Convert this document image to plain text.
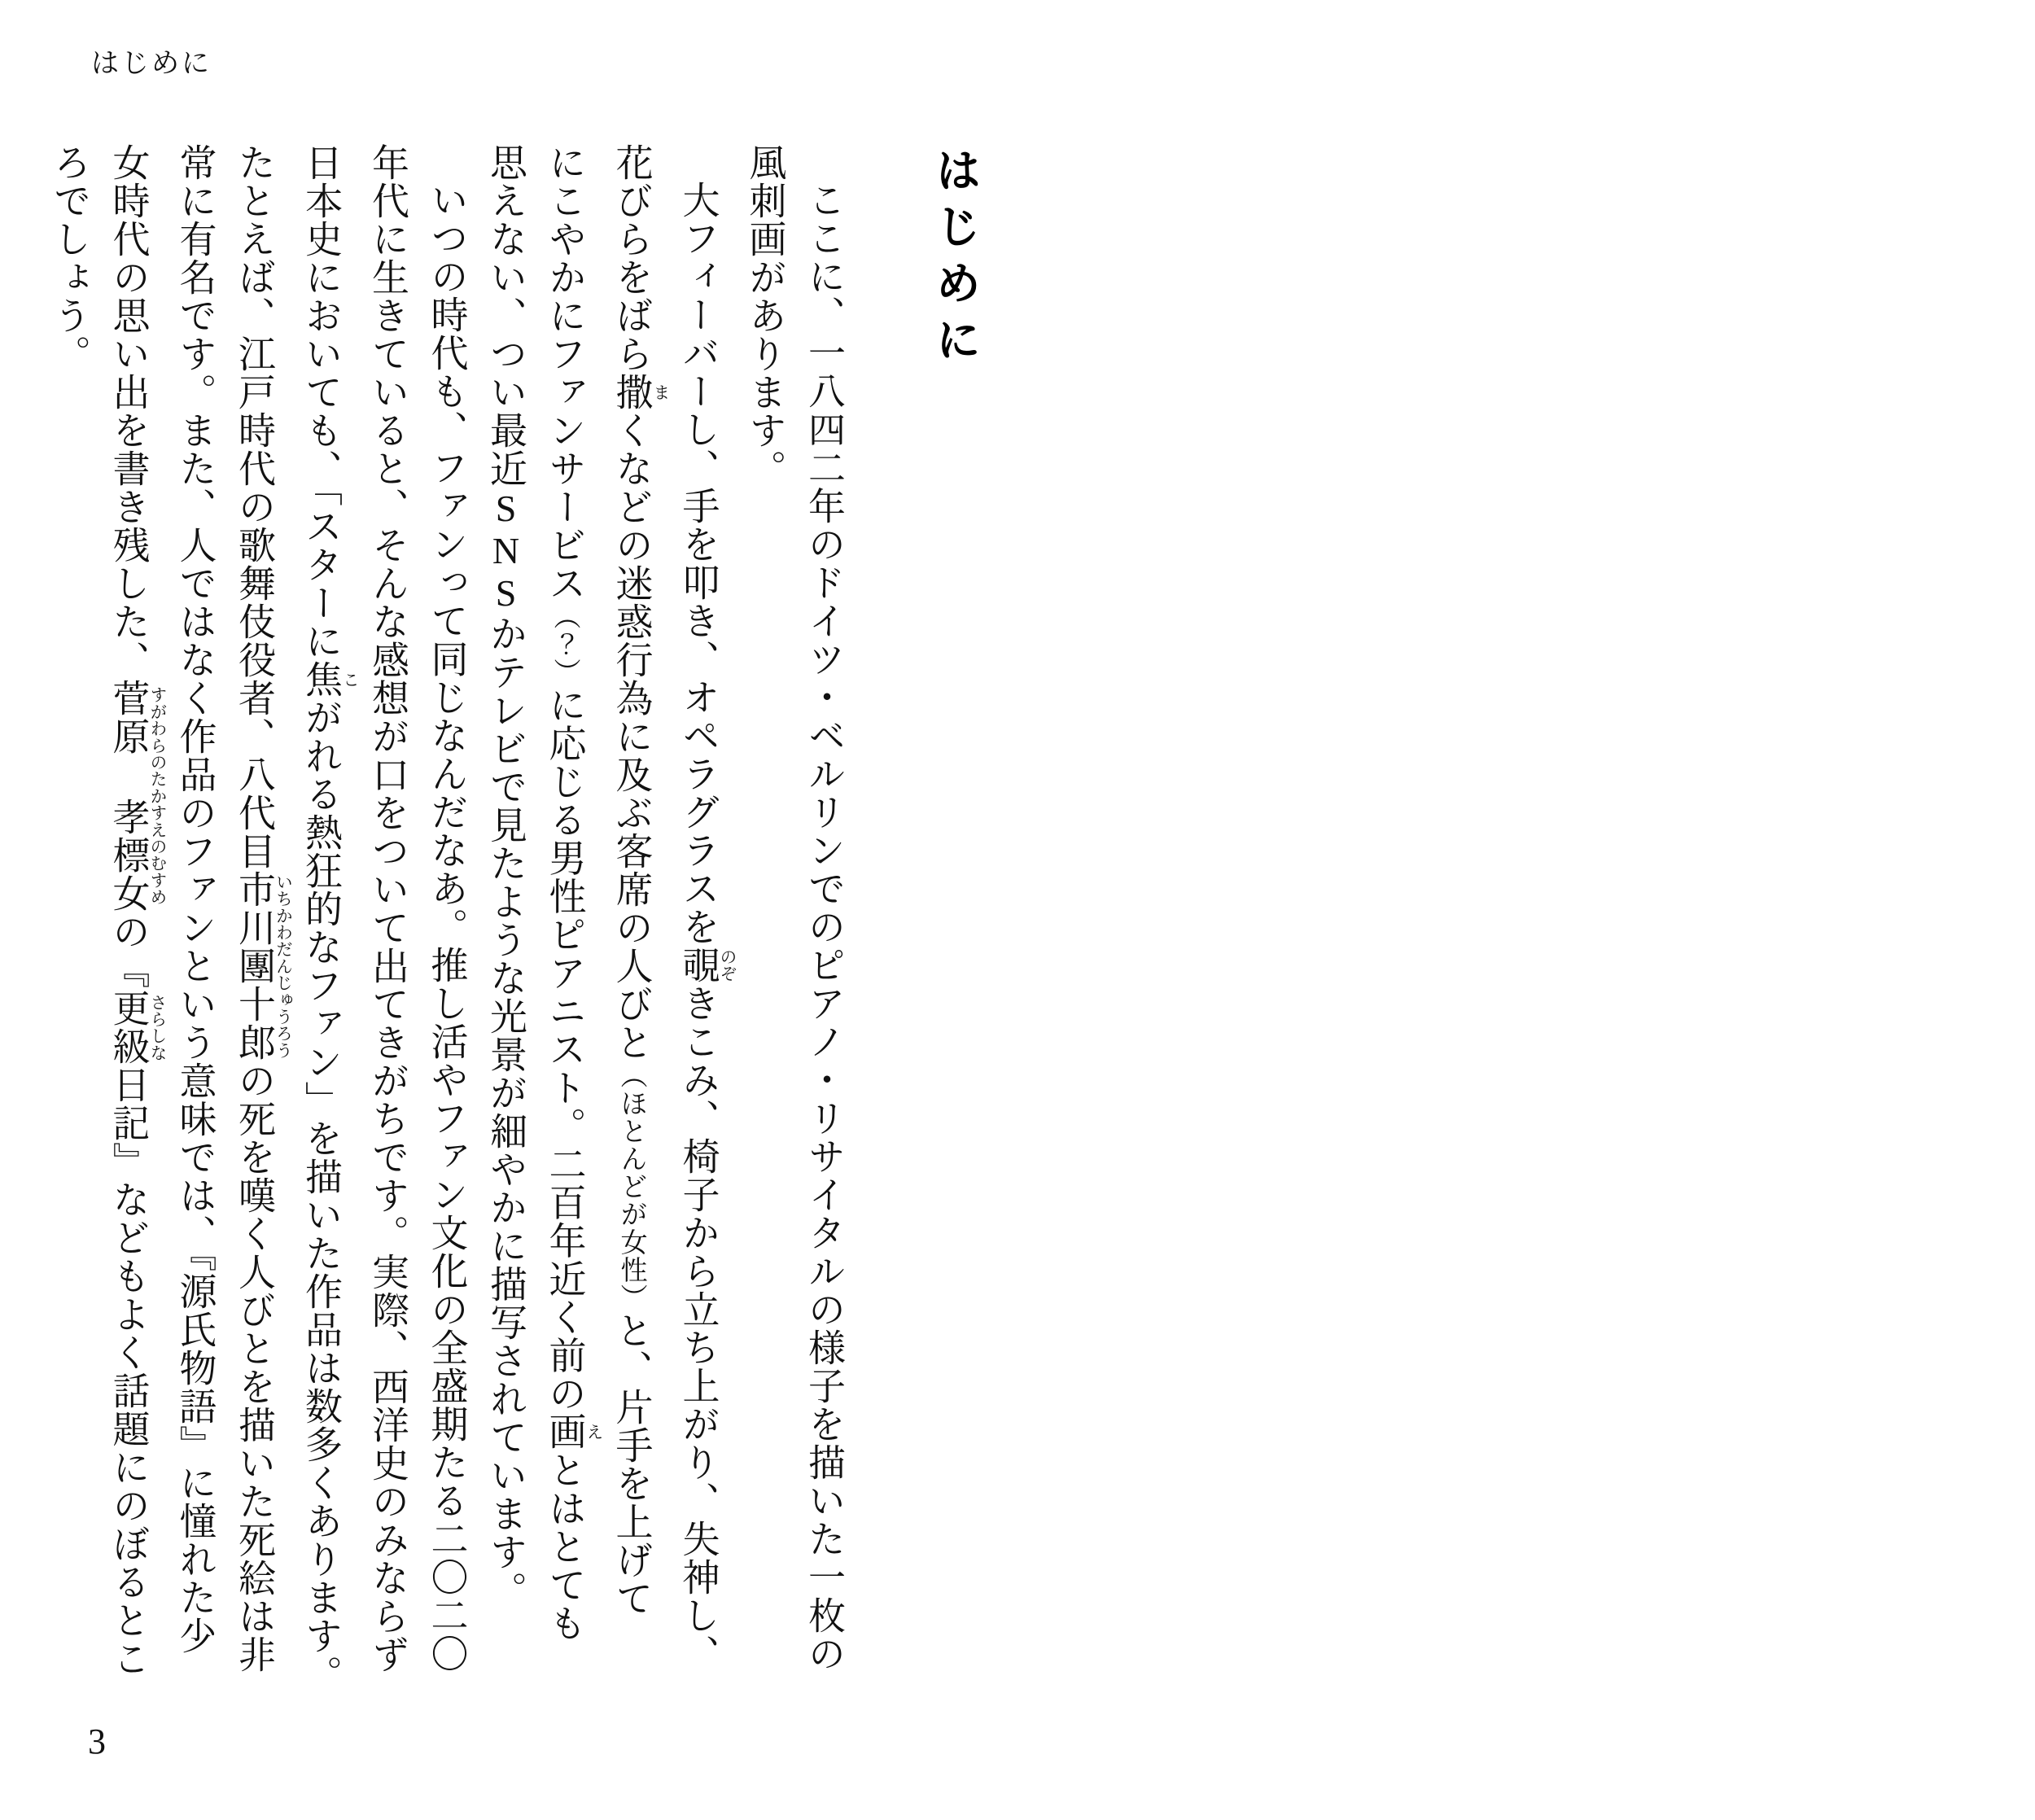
はじめに
はじめに
ここに、一八四二年のドイツ・ベルリンでのピアノ・リサイタルの様子を描いた一枚の
風刺画があります。
大フィーバーし、手を叩き、オペラグラスを覗のぞきこみ、椅子から立ち上がり、失神し、
花びらをばら撒まくなどの迷惑行為に及ぶ客席の人びと（ほとんどが女性）と、片手を上げて
にこやかにファンサービス（？）に応じる男性ピアニスト。二百年近く前の画えとはとても
思えない、つい最近SNSかテレビで見たような光景が細やかに描写されています。
いつの時代も、ファンって同じなんだなあ。推し活やファン文化の全盛期たる二〇二〇
年代に生きていると、そんな感想が口をついて出てきがちです。実際、西洋史のみならず
日本史においても、「スターに焦こがれる熱狂的なファン」を描いた作品は数多くあります。
たとえば、江戸時代の歌舞伎役者、八代目市川團十郎いちかわだんじゅうろうの死を嘆く人びとを描いた死絵は非
常に有名です。また、人ではなく作品のファンという意味では、『源氏物語』に憧れた少
女時代の思い出を書き残した、菅原 孝標女すがわらのたかすえのむすめの『更級さらしな日記』などもよく話題にのぼるとこ
ろでしょう。
3
